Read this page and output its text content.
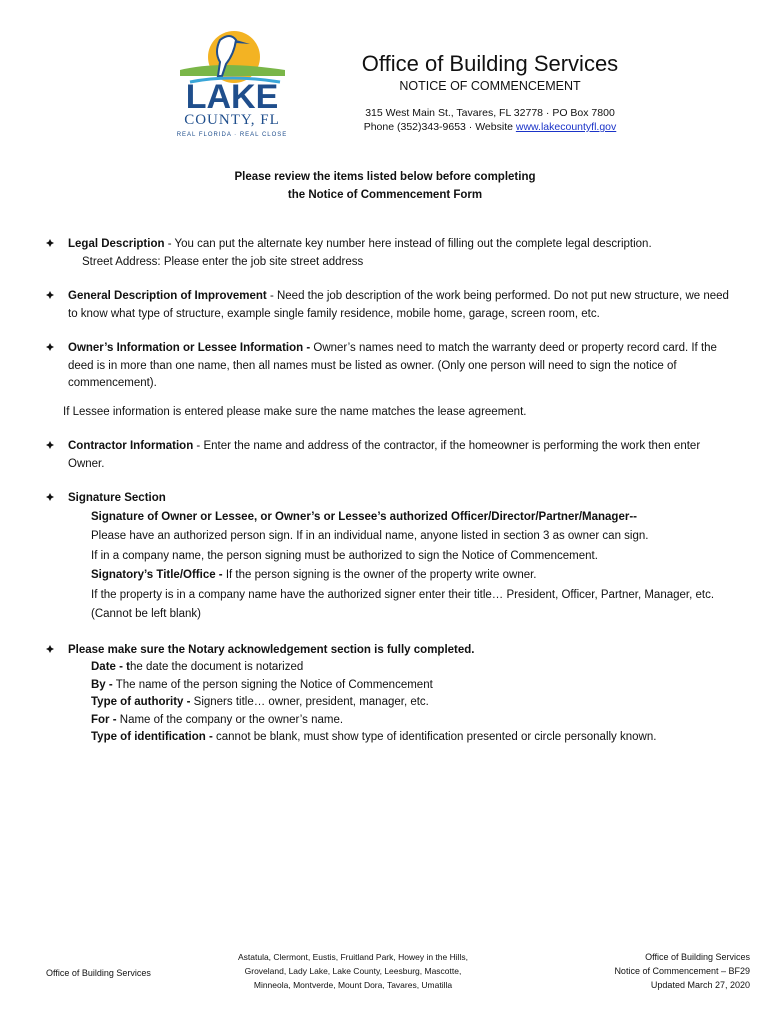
LAKE
COUNTY, FL
REAL FLORIDA · REAL CLOSE
Office of Building Services
NOTICE OF COMMENCEMENT
315 West Main St., Tavares, FL 32778 · PO Box 7800
Phone (352)343-9653 · Website www.lakecountyfl.gov
Please review the items listed below before completing
the Notice of Commencement Form
Legal Description - You can put the alternate key number here instead of filling out the complete legal description.
Street Address: Please enter the job site street address
General Description of Improvement - Need the job description of the work being performed. Do not put new structure, we need to know what type of structure, example single family residence, mobile home, garage, screen room, etc.
Owner’s Information or Lessee Information - Owner’s names need to match the warranty deed or property record card. If the deed is in more than one name, then all names must be listed as owner. (Only one person will need to sign the notice of commencement).
If Lessee information is entered please make sure the name matches the lease agreement.
Contractor Information - Enter the name and address of the contractor, if the homeowner is performing the work then enter Owner.
Signature Section
Signature of Owner or Lessee, or Owner’s or Lessee’s authorized Officer/Director/Partner/Manager--
Please have an authorized person sign. If in an individual name, anyone listed in section 3 as owner can sign.
If in a company name, the person signing must be authorized to sign the Notice of Commencement.
Signatory’s Title/Office - If the person signing is the owner of the property write owner.
If the property is in a company name have the authorized signer enter their title… President, Officer, Partner, Manager, etc. (Cannot be left blank)
Please make sure the Notary acknowledgement section is fully completed.
Date - the date the document is notarized
By - The name of the person signing the Notice of Commencement
Type of authority - Signers title… owner, president, manager, etc.
For - Name of the company or the owner’s name.
Type of identification - cannot be blank, must show type of identification presented or circle personally known.
Office of Building Services
Astatula, Clermont, Eustis, Fruitland Park, Howey in the Hills,
Groveland, Lady Lake, Lake County, Leesburg, Mascotte,
Minneola, Montverde, Mount Dora, Tavares, Umatilla
Office of Building Services
Notice of Commencement – BF29
Updated March 27, 2020
